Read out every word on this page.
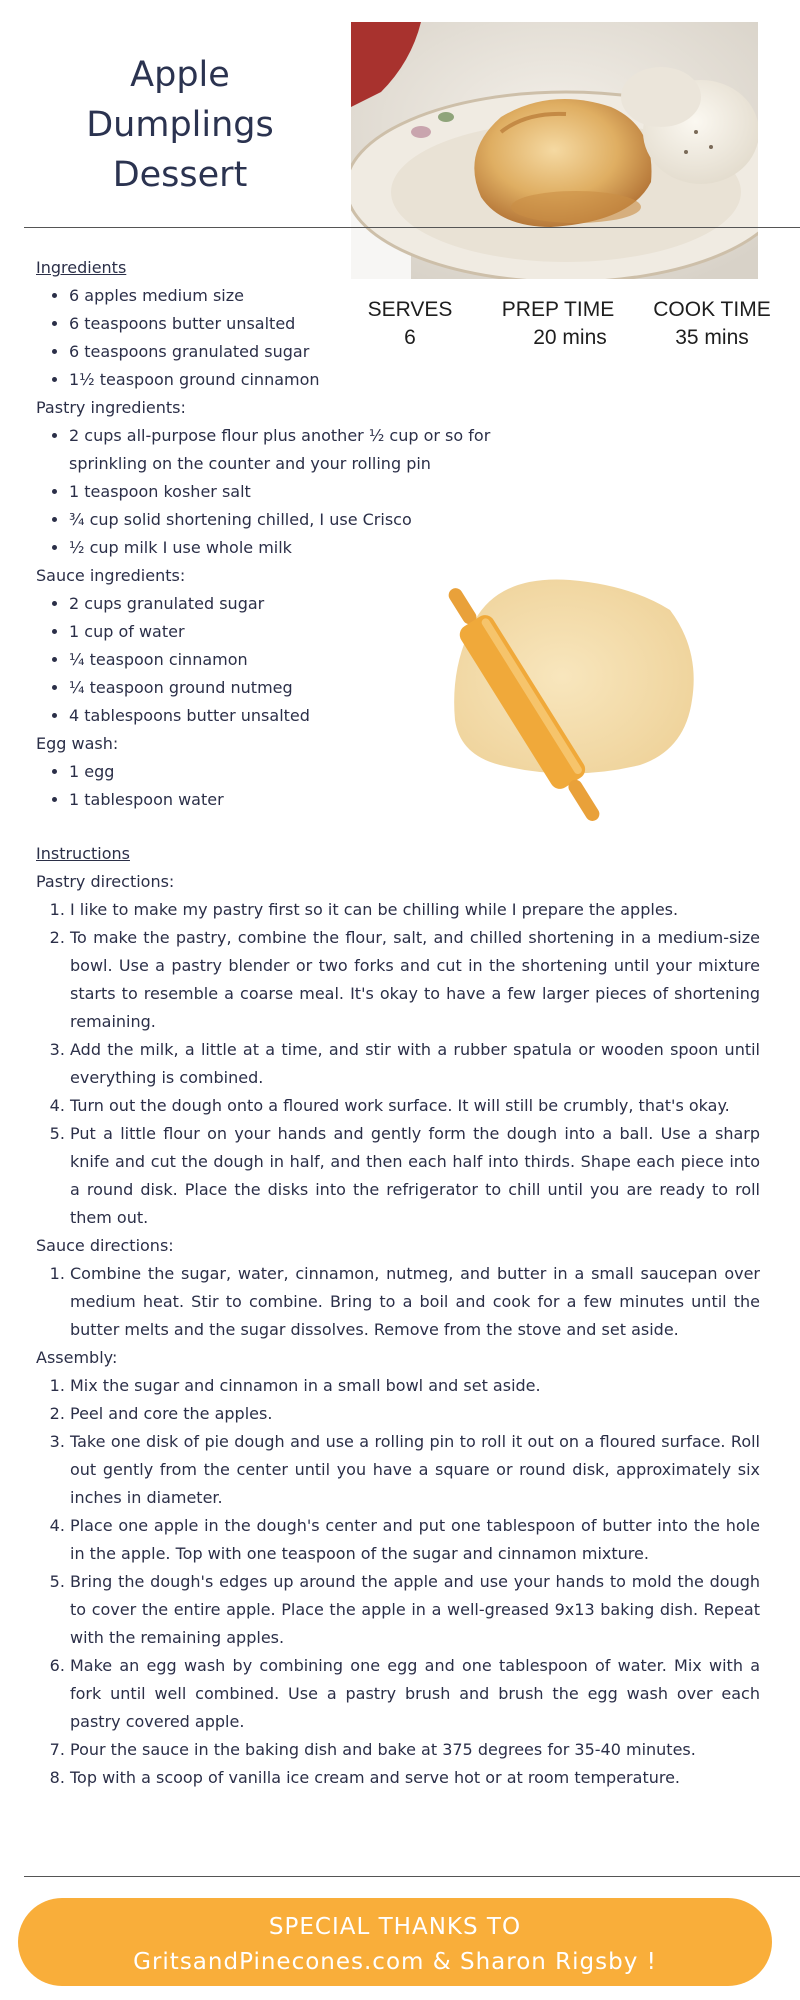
Apple
Dumplings
Dessert
SERVES
6
PREP TIME
20 mins
COOK TIME
35 mins
Ingredients
• 6 apples medium size
• 6 teaspoons butter unsalted
• 6 teaspoons granulated sugar
• 1½ teaspoon ground cinnamon
Pastry ingredients:
• 2 cups all-purpose flour plus another ½ cup or so for sprinkling on the counter and your rolling pin
• 1 teaspoon kosher salt
• ¾ cup solid shortening chilled, I use Crisco
• ½ cup milk I use whole milk
Sauce ingredients:
• 2 cups granulated sugar
• 1 cup of water
• ¼ teaspoon cinnamon
• ¼ teaspoon ground nutmeg
• 4 tablespoons butter unsalted
Egg wash:
• 1 egg
• 1 tablespoon water
Instructions
Pastry directions:
1. I like to make my pastry first so it can be chilling while I prepare the apples.
2. To make the pastry, combine the flour, salt, and chilled shortening in a medium-size bowl. Use a pastry blender or two forks and cut in the shortening until your mixture starts to resemble a coarse meal. It's okay to have a few larger pieces of shortening remaining.
3. Add the milk, a little at a time, and stir with a rubber spatula or wooden spoon until everything is combined.
4. Turn out the dough onto a floured work surface. It will still be crumbly, that's okay.
5. Put a little flour on your hands and gently form the dough into a ball. Use a sharp knife and cut the dough in half, and then each half into thirds. Shape each piece into a round disk. Place the disks into the refrigerator to chill until you are ready to roll them out.
Sauce directions:
1. Combine the sugar, water, cinnamon, nutmeg, and butter in a small saucepan over medium heat. Stir to combine. Bring to a boil and cook for a few minutes until the butter melts and the sugar dissolves. Remove from the stove and set aside.
Assembly:
1. Mix the sugar and cinnamon in a small bowl and set aside.
2. Peel and core the apples.
3. Take one disk of pie dough and use a rolling pin to roll it out on a floured surface. Roll out gently from the center until you have a square or round disk, approximately six inches in diameter.
4. Place one apple in the dough's center and put one tablespoon of butter into the hole in the apple. Top with one teaspoon of the sugar and cinnamon mixture.
5. Bring the dough's edges up around the apple and use your hands to mold the dough to cover the entire apple. Place the apple in a well-greased 9x13 baking dish. Repeat with the remaining apples.
6. Make an egg wash by combining one egg and one tablespoon of water. Mix with a fork until well combined. Use a pastry brush and brush the egg wash over each pastry covered apple.
7. Pour the sauce in the baking dish and bake at 375 degrees for 35-40 minutes.
8. Top with a scoop of vanilla ice cream and serve hot or at room temperature.
SPECIAL THANKS TO
GritsandPinecones.com & Sharon Rigsby !
